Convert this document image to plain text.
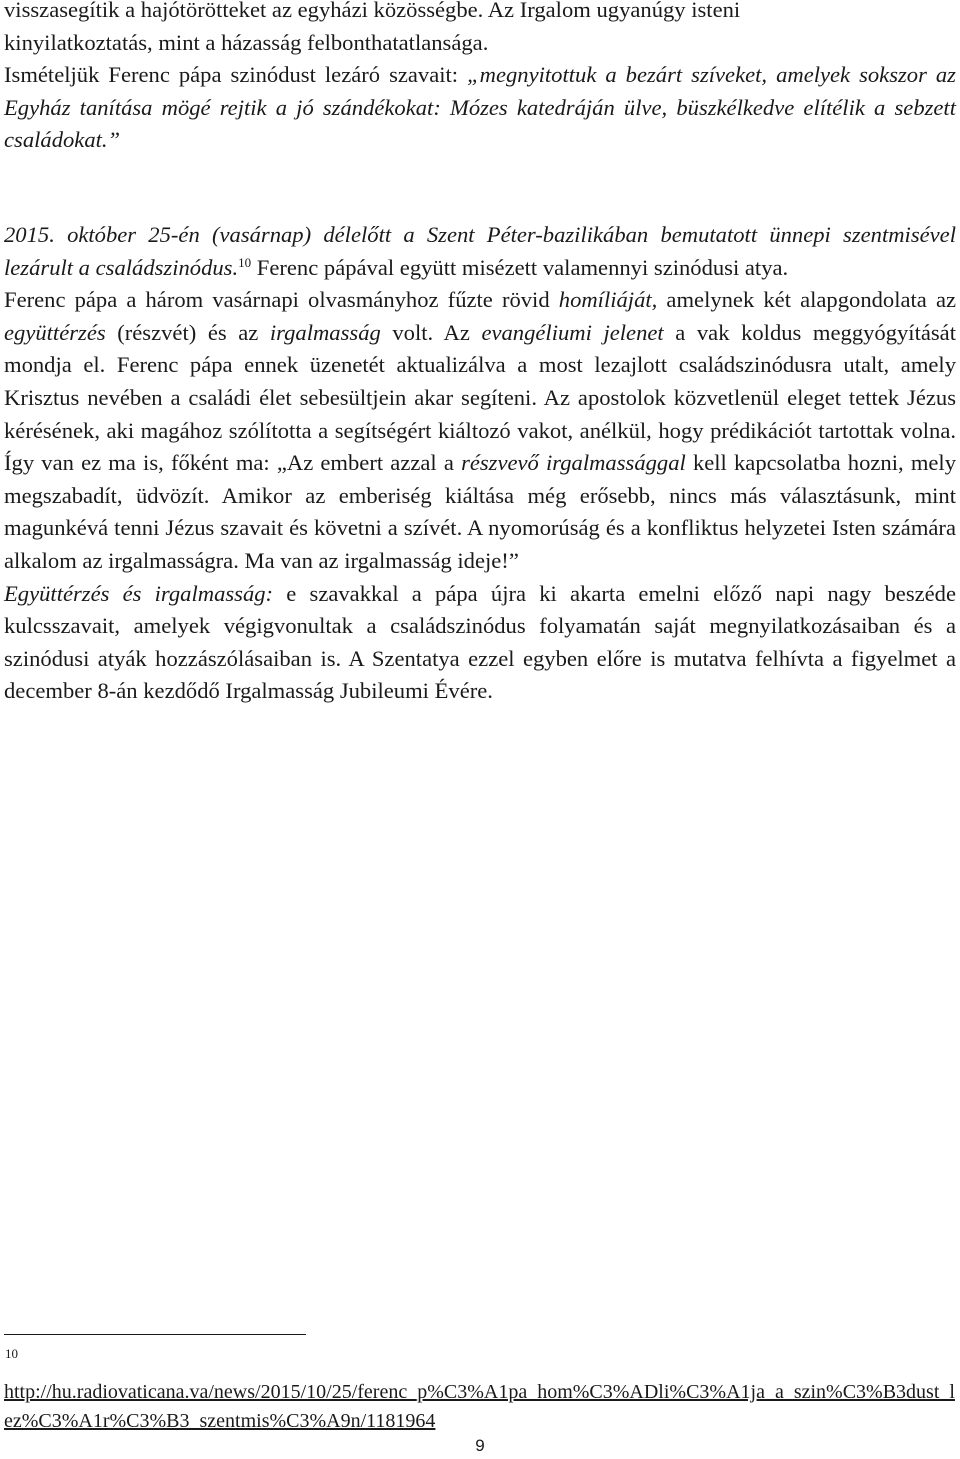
visszasegítik a hajótörötteket az egyházi közösségbe. Az Irgalom ugyanúgy isteni
kinyilatkoztatás, mint a házasság felbonthatatlansága.
Ismételjük Ferenc pápa szinódust lezáró szavait: „megnyitottuk a bezárt szíveket, amelyek sokszor az Egyház tanítása mögé rejtik a jó szándékokat: Mózes katedráján ülve, büszkélkedve elítélik a sebzett családokat.”

2015. október 25-én (vasárnap) délelőtt a Szent Péter-bazilikában bemutatott ünnepi szentmisével lezárult a családszinódus.$^{10}$ Ferenc pápával együtt misézett valamennyi szinódusi atya.

Ferenc pápa a három vasárnapi olvasmányhoz fűzte rövid homíliáját, amelynek két alapgondolata az együttérzés (részvét) és az irgalmasság volt. Az evangéliumi jelenet a vak koldus meggyógyítását mondja el. Ferenc pápa ennek üzenetét aktualizálva a most lezajlott családszinódusra utalt, amely Krisztus nevében a családi élet sebesültjein akar segíteni. Az apostolok közvetlenül eleget tettek Jézus kérésének, aki magához szólította a segítségért kiáltozó vakot, anélkül, hogy prédikációt tartottak volna. Így van ez ma is, főként ma: „Az embert azzal a részvevő irgalmassággal kell kapcsolatba hozni, mely megszabadít, üdvözít. Amikor az emberiség kiáltása még erősebb, nincs más választásunk, mint magunkévá tenni Jézus szavait és követni a szívét. A nyomorúság és a konfliktus helyzetei Isten számára alkalom az irgalmasságra. Ma van az irgalmasság ideje!”

Együttérzés és irgalmasság: e szavakkal a pápa újra ki akarta emelni előző napi nagy beszéde kulcsszavait, amelyek végigvonultak a családszinódus folyamatán saját megnyilatkozásaiban és a szinódusi atyák hozzászólásaiban is. A Szentatya ezzel egyben előre is mutatva felhívta a figyelmet a december 8-án kezdődő Irgalmasság Jubileumi Évére.

10
http://hu.radiovaticana.va/news/2015/10/25/ferenc_p%C3%A1pa_hom%C3%ADli%C3%A1ja_a_szin%C3%B3dust_lez%C3%A1r%C3%B3_szentmis%C3%A9n/1181964
9
